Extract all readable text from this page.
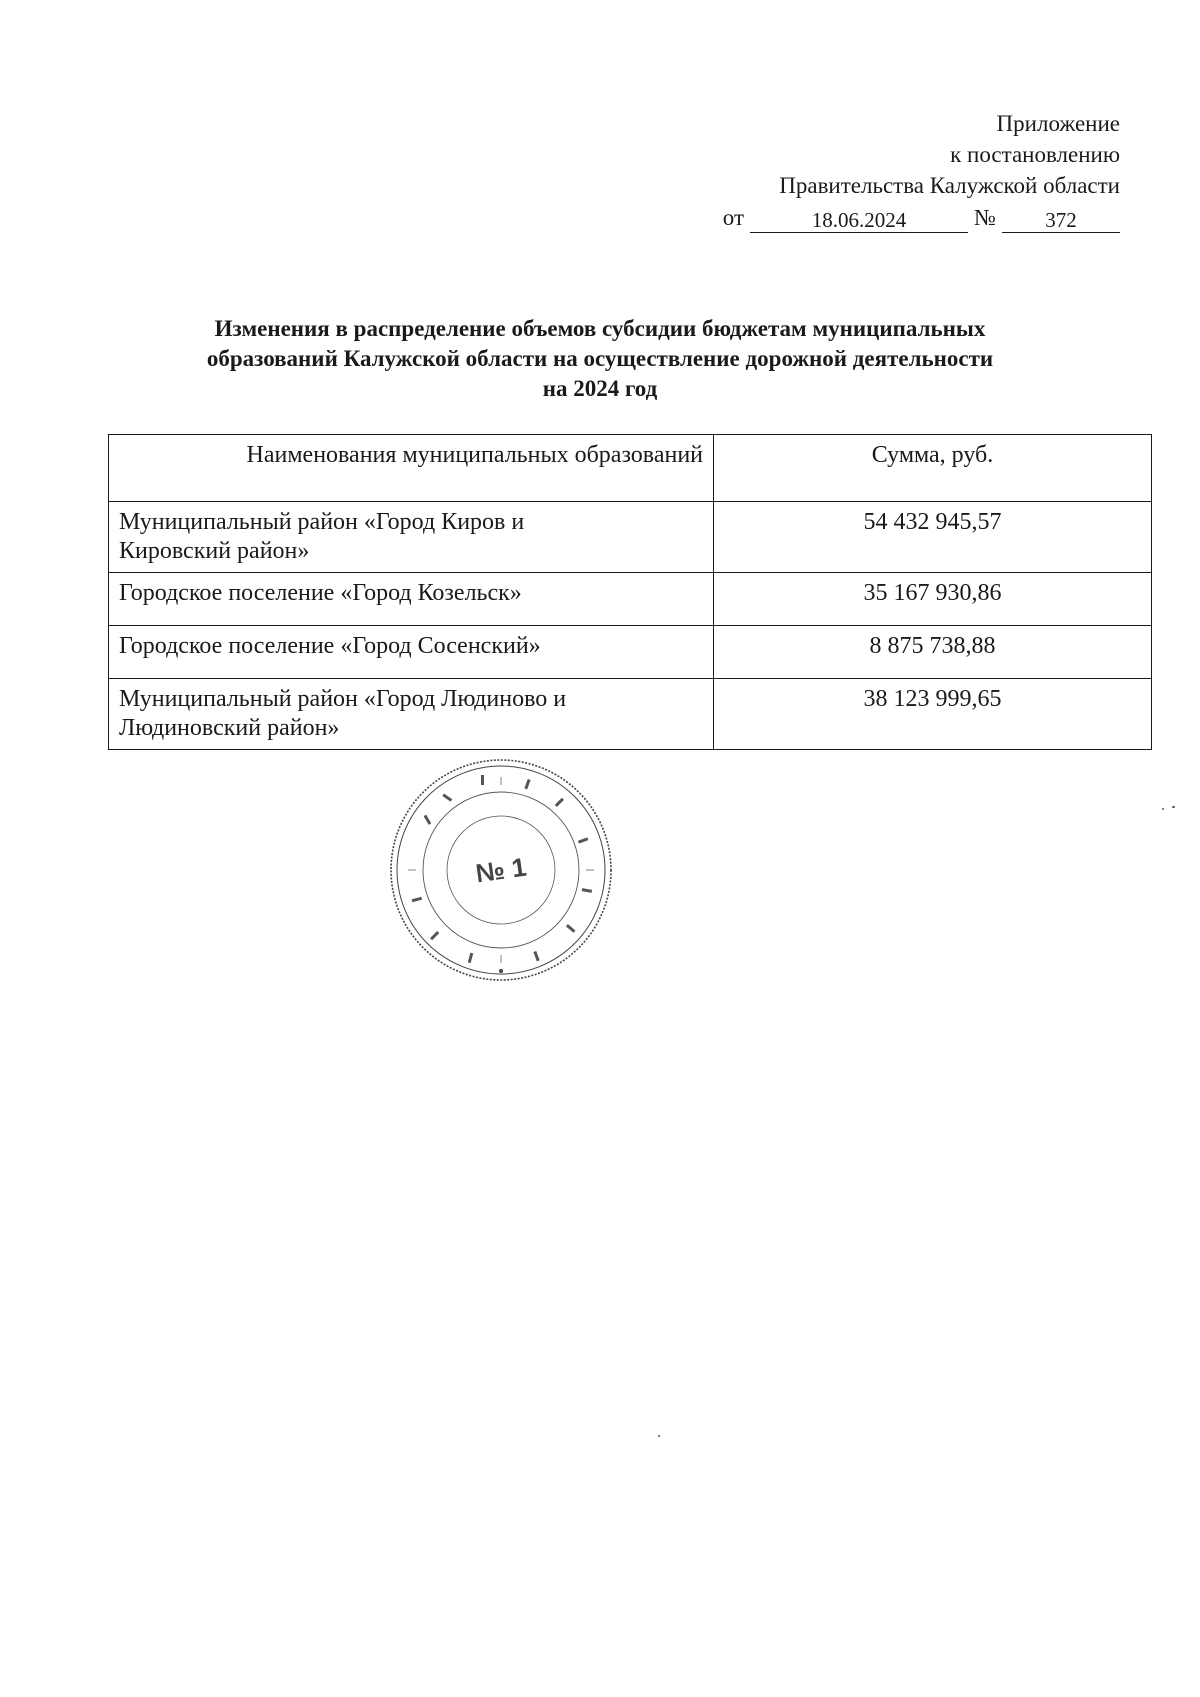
Приложение
к постановлению
Правительства Калужской области
от	18.06.2024	№	372
Изменения в распределение объемов субсидии бюджетам муниципальных
образований Калужской области на осуществление дорожной деятельности
на 2024 год
Наименования муниципальных образований	Сумма, руб.

Муниципальный район «Город Киров и
Кировский район»	54 432 945,57

Городское поселение «Город Козельск»	35 167 930,86

Городское поселение «Город Сосенский»	8 875 738,88

Муниципальный район «Город Людиново и
Людиновский район»	38 123 999,65
№ 1
